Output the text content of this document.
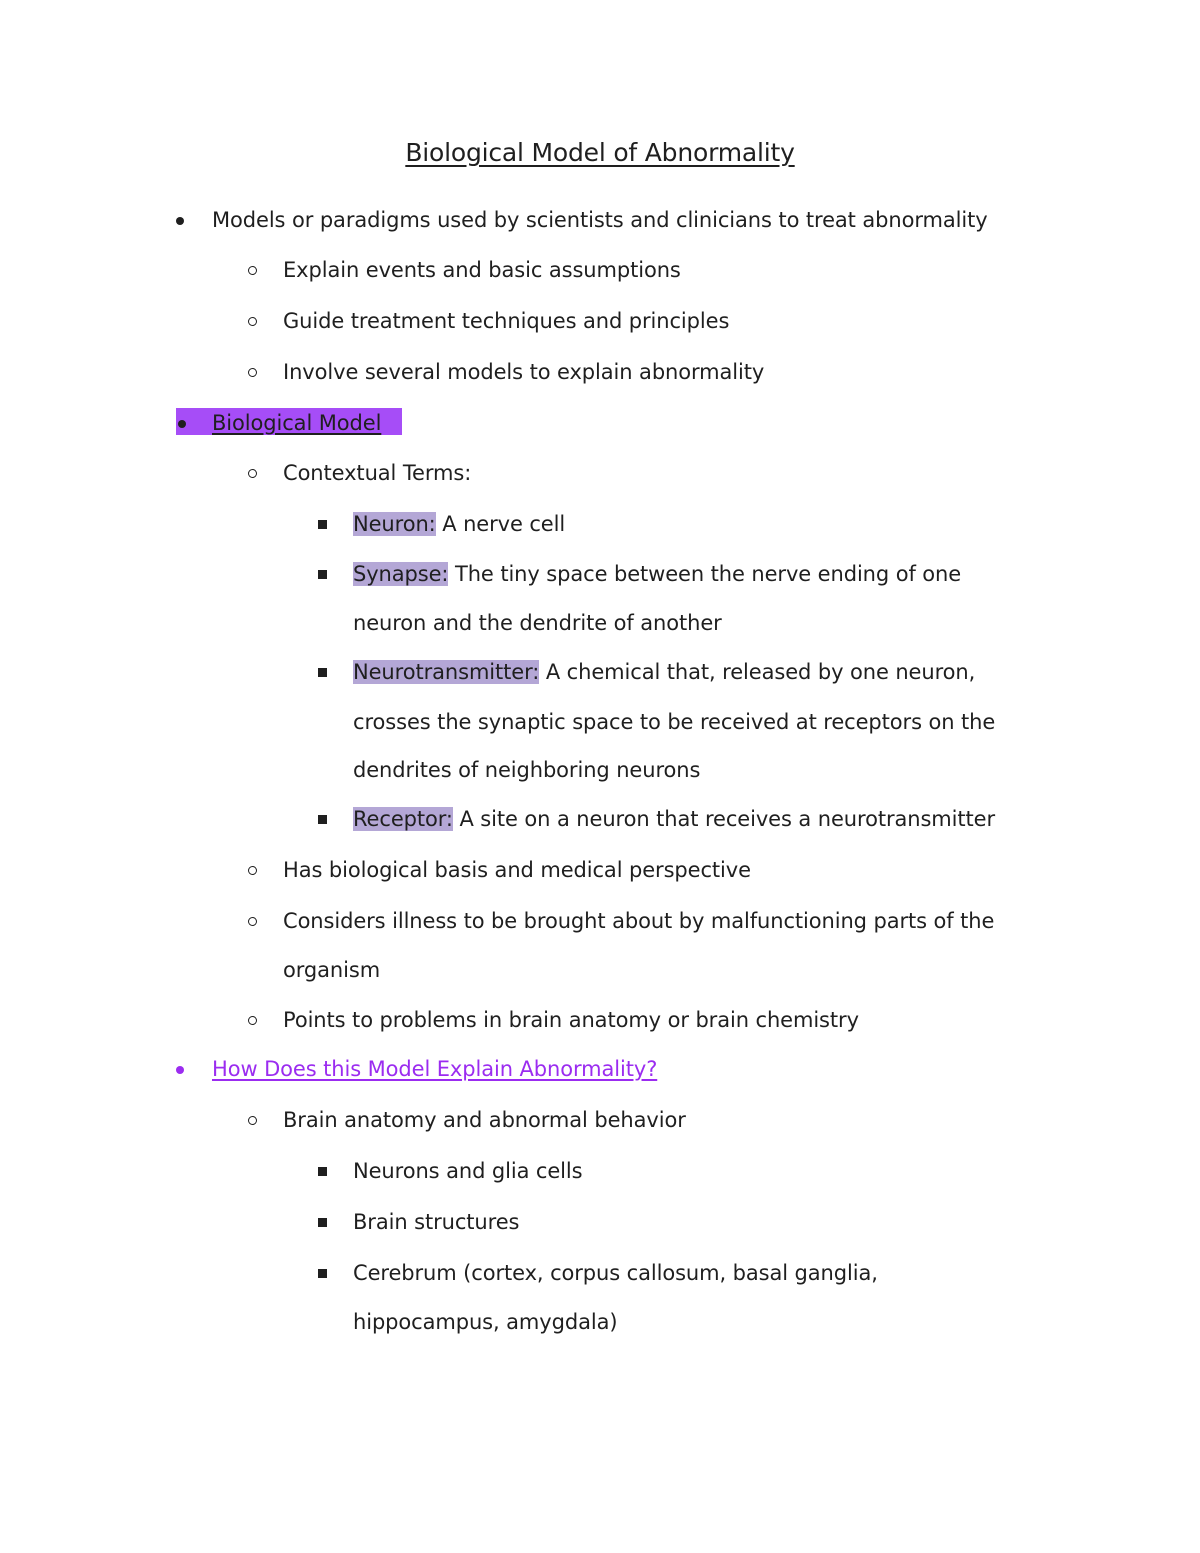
Biological Model of Abnormality
Models or paradigms used by scientists and clinicians to treat abnormality
Explain events and basic assumptions
Guide treatment techniques and principles
Involve several models to explain abnormality
Biological Model
Contextual Terms:
Neuron: A nerve cell
Synapse: The tiny space between the nerve ending of one
neuron and the dendrite of another
Neurotransmitter: A chemical that, released by one neuron,
crosses the synaptic space to be received at receptors on the
dendrites of neighboring neurons
Receptor: A site on a neuron that receives a neurotransmitter
Has biological basis and medical perspective
Considers illness to be brought about by malfunctioning parts of the
organism
Points to problems in brain anatomy or brain chemistry
How Does this Model Explain Abnormality?
Brain anatomy and abnormal behavior
Neurons and glia cells
Brain structures
Cerebrum (cortex, corpus callosum, basal ganglia,
hippocampus, amygdala)
